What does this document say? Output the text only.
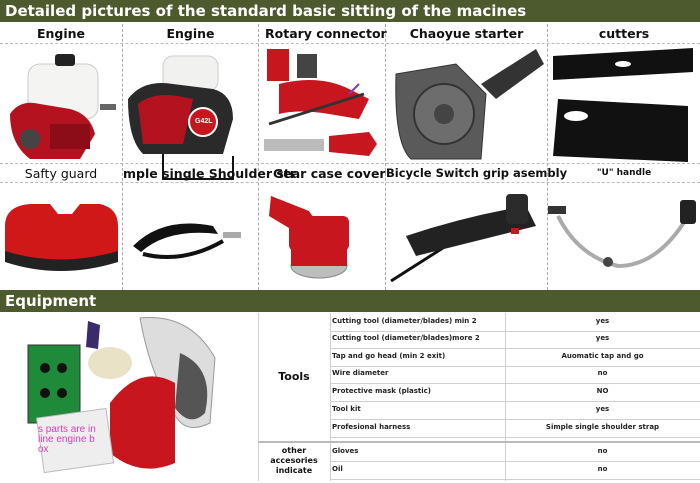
Detailed pictures of the standard basic sitting of the macines
Engine	Engine
G42L
Rotary connector	Chaoyue starter	cutters
Safty guard	mple single Shoulder str
Gear case cover Bicycle Switch grip asembly	"U" handle
Equipment
s parts are in
line engine b
ox
Tools
other
accesories
indicate
Cutting tool (diameter/blades) min 2	yes
Cutting tool (diameter/blades)more 2	yes
Tap and go head (min 2 exit)	Auomatic tap and go
Wire diameter	no
Protective mask (plastic)	NO
Tool kit	yes
Profesional harness	Simple single shoulder strap
Gloves	no
Oil	no
